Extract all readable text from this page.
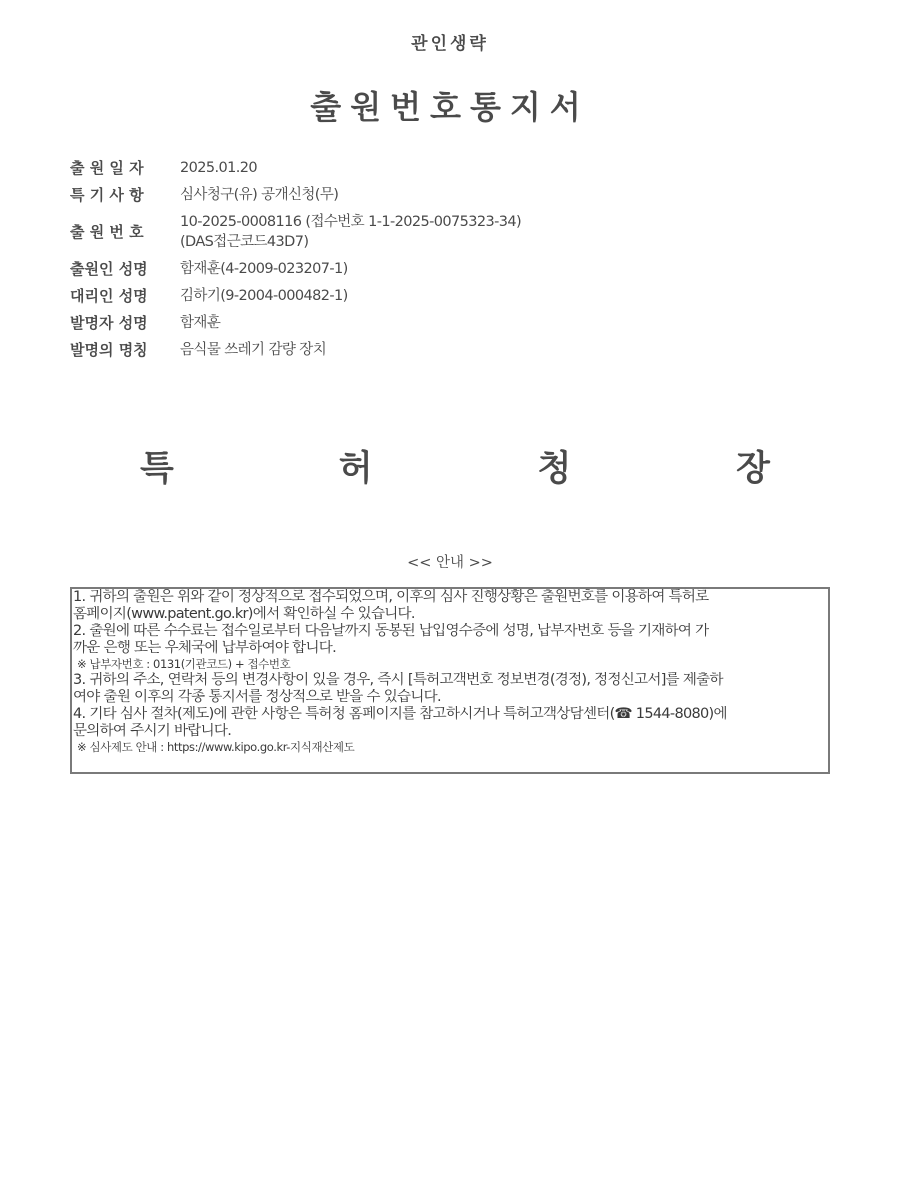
관인생략
출원번호통지서
출 원 일 자	2025.01.20
특 기 사 항	심사청구(유) 공개신청(무)
출 원 번 호
10-2025-0008116 (접수번호 1-1-2025-0075323-34)
(DAS접근코드43D7)
출원인 성명	함재훈(4-2009-023207-1)
대리인 성명	김하기(9-2004-000482-1)
발명자 성명	함재훈
발명의 명칭	음식물 쓰레기 감량 장치
특	허	청	장
<< 안내 >>
1. 귀하의 출원은 위와 같이 정상적으로 접수되었으며, 이후의 심사 진행상황은 출원번호를 이용하여 특허로
홈페이지(www.patent.go.kr)에서 확인하실 수 있습니다.
2. 출원에 따른 수수료는 접수일로부터 다음날까지 동봉된 납입영수증에 성명, 납부자번호 등을 기재하여 가
까운 은행 또는 우체국에 납부하여야 합니다.
※ 납부자번호 : 0131(기관코드) + 접수번호
3. 귀하의 주소, 연락처 등의 변경사항이 있을 경우, 즉시 [특허고객번호 정보변경(경정), 정정신고서]를 제출하
여야 출원 이후의 각종 통지서를 정상적으로 받을 수 있습니다.
4. 기타 심사 절차(제도)에 관한 사항은 특허청 홈페이지를 참고하시거나 특허고객상담센터(☎ 1544-8080)에
문의하여 주시기 바랍니다.
※ 심사제도 안내 : https://www.kipo.go.kr-지식재산제도
